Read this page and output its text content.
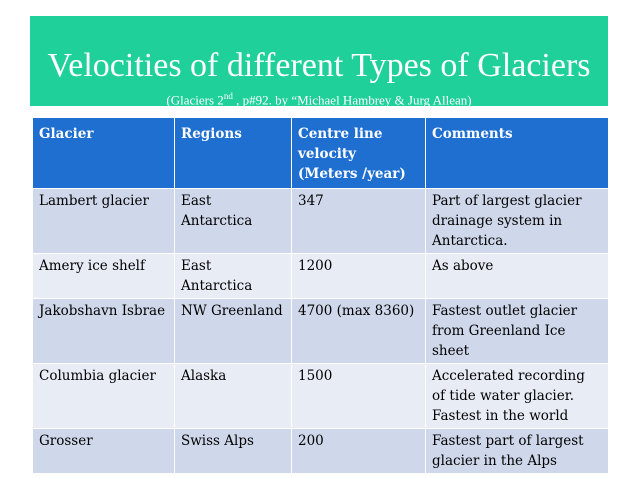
Velocities of different Types of Glaciers
(Glaciers 2nd , p#92. by “Michael Hambrey & Jurg Allean)
Glacier	Regions	Centre line velocity (Meters /year)	Comments
Lambert glacier	East Antarctica	347	Part of largest glacier drainage system in Antarctica.
Amery ice shelf	East Antarctica	1200	As above
Jakobshavn Isbrae	NW Greenland	4700 (max 8360)	Fastest outlet glacier from Greenland Ice sheet
Columbia glacier	Alaska	1500	Accelerated recording of tide water glacier. Fastest in the world
Grosser	Swiss Alps	200	Fastest part of largest glacier in the Alps
